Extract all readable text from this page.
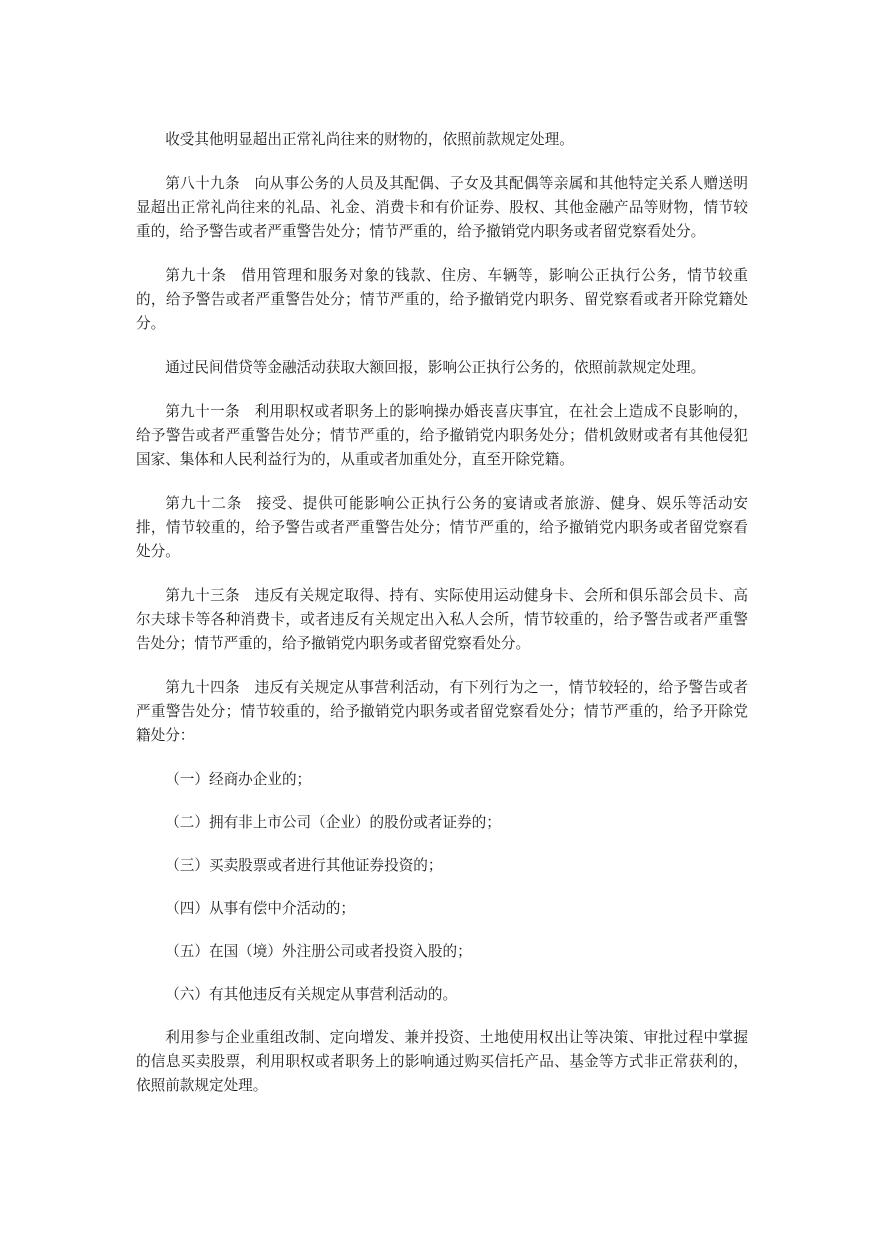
收受其他明显超出正常礼尚往来的财物的，依照前款规定处理。

第八十九条 向从事公务的人员及其配偶、子女及其配偶等亲属和其他特定关系人赠送明显超出正常礼尚往来的礼品、礼金、消费卡和有价证券、股权、其他金融产品等财物，情节较重的，给予警告或者严重警告处分；情节严重的，给予撤销党内职务或者留党察看处分。

第九十条 借用管理和服务对象的钱款、住房、车辆等，影响公正执行公务，情节较重的，给予警告或者严重警告处分；情节严重的，给予撤销党内职务、留党察看或者开除党籍处分。

通过民间借贷等金融活动获取大额回报，影响公正执行公务的，依照前款规定处理。

第九十一条 利用职权或者职务上的影响操办婚丧喜庆事宜，在社会上造成不良影响的，给予警告或者严重警告处分；情节严重的，给予撤销党内职务处分；借机敛财或者有其他侵犯国家、集体和人民利益行为的，从重或者加重处分，直至开除党籍。

第九十二条 接受、提供可能影响公正执行公务的宴请或者旅游、健身、娱乐等活动安排，情节较重的，给予警告或者严重警告处分；情节严重的，给予撤销党内职务或者留党察看处分。

第九十三条 违反有关规定取得、持有、实际使用运动健身卡、会所和俱乐部会员卡、高尔夫球卡等各种消费卡，或者违反有关规定出入私人会所，情节较重的，给予警告或者严重警告处分；情节严重的，给予撤销党内职务或者留党察看处分。

第九十四条 违反有关规定从事营利活动，有下列行为之一，情节较轻的，给予警告或者严重警告处分；情节较重的，给予撤销党内职务或者留党察看处分；情节严重的，给予开除党籍处分：

（一）经商办企业的；

（二）拥有非上市公司（企业）的股份或者证券的；

（三）买卖股票或者进行其他证券投资的；

（四）从事有偿中介活动的；

（五）在国（境）外注册公司或者投资入股的；

（六）有其他违反有关规定从事营利活动的。

利用参与企业重组改制、定向增发、兼并投资、土地使用权出让等决策、审批过程中掌握的信息买卖股票，利用职权或者职务上的影响通过购买信托产品、基金等方式非正常获利的，依照前款规定处理。
